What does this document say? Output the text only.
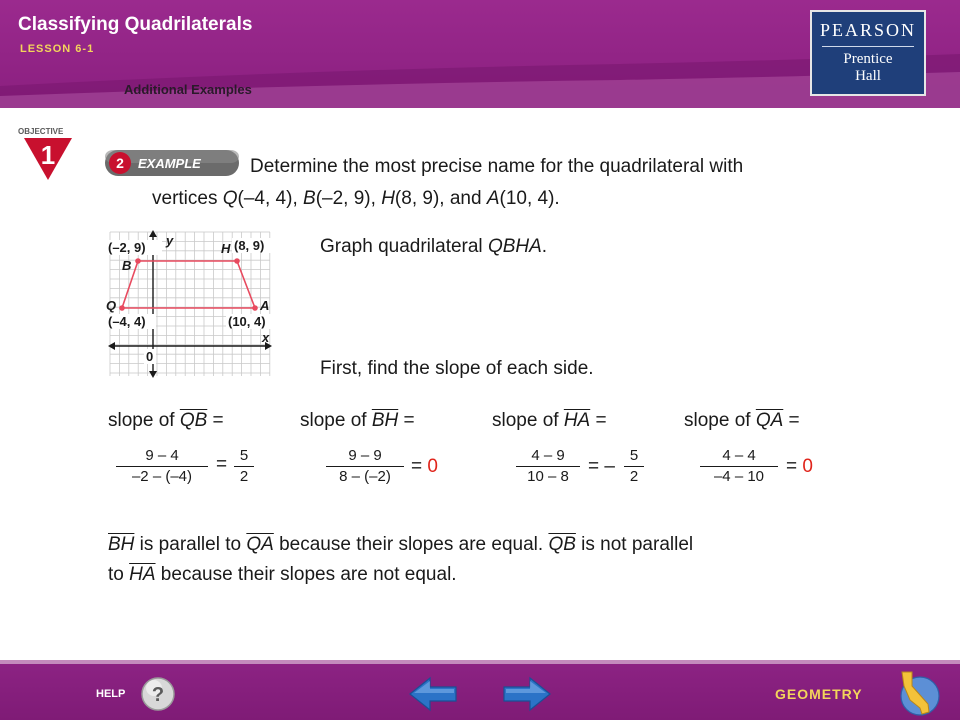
Classifying Quadrilaterals
LESSON 6-1
Additional Examples
PEARSON
Prentice
Hall
OBJECTIVE
1	2 EXAMPLE	Determine the most precise name for the quadrilateral with
vertices Q(–4, 4), B(–2, 9), H(8, 9), and A(10, 4).
(–2, 9)
B
y
H (8, 9)
Q
(–4, 4)
A
(10, 4)
x
0
Graph quadrilateral QBHA.
First, find the slope of each side.
slope of $\overline{QB}$ =
$\frac{9 - 4}{-2 - (-4)} = \frac{5}{2}$
slope of $\overline{BH}$ =
$\frac{9 - 9}{8 - (-2)} = 0$
slope of $\overline{HA}$ =
$\frac{4 - 9}{10 - 8}$ = – $\frac{5}{2}$
slope of $\overline{QA}$ =
$\frac{4 - 4}{-4 - 10} = 0$
$\overline{BH}$ is parallel to $\overline{QA}$ because their slopes are equal. $\overline{QB}$ is not parallel
to $\overline{HA}$ because their slopes are not equal.
HELP ?	GEOMETRY
